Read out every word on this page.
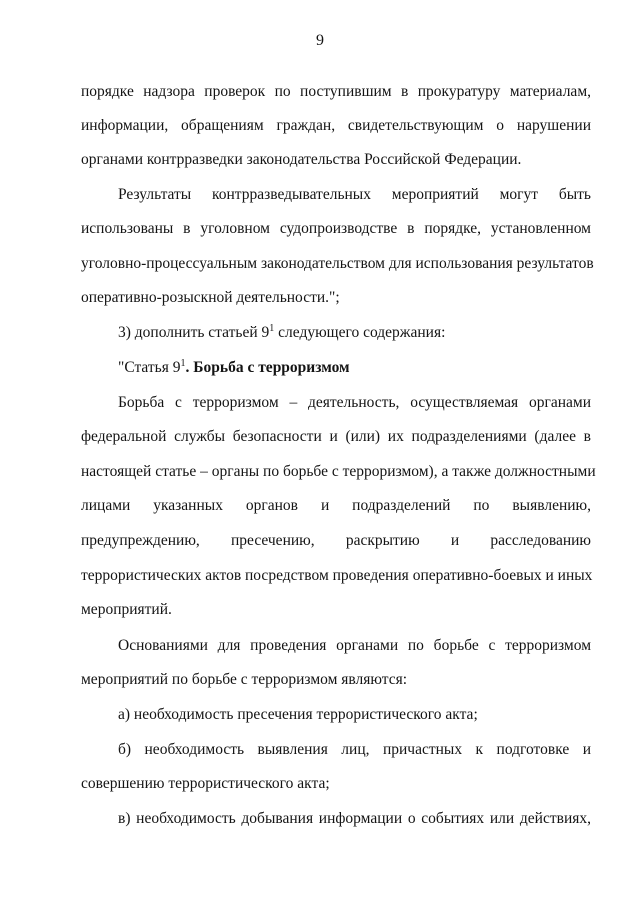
9
порядке надзора проверок по поступившим в прокуратуру материалам,
информации, обращениям граждан, свидетельствующим о нарушении
органами контрразведки законодательства Российской Федерации.
Результаты контрразведывательных мероприятий могут быть
использованы в уголовном судопроизводстве в порядке, установленном
уголовно-процессуальным законодательством для использования результатов
оперативно-розыскной деятельности.";
3) дополнить статьей $9^1$ следующего содержания:
"Статья $9^1$. Борьба с терроризмом
Борьба с терроризмом – деятельность, осуществляемая органами
федеральной службы безопасности и (или) их подразделениями (далее в
настоящей статье – органы по борьбе с терроризмом), а также должностными
лицами указанных органов и подразделений по выявлению,
предупреждению, пресечению, раскрытию и расследованию
террористических актов посредством проведения оперативно-боевых и иных
мероприятий.
Основаниями для проведения органами по борьбе с терроризмом
мероприятий по борьбе с терроризмом являются:
а) необходимость пресечения террористического акта;
б) необходимость выявления лиц, причастных к подготовке и
совершению террористического акта;
в) необходимость добывания информации о событиях или действиях,
